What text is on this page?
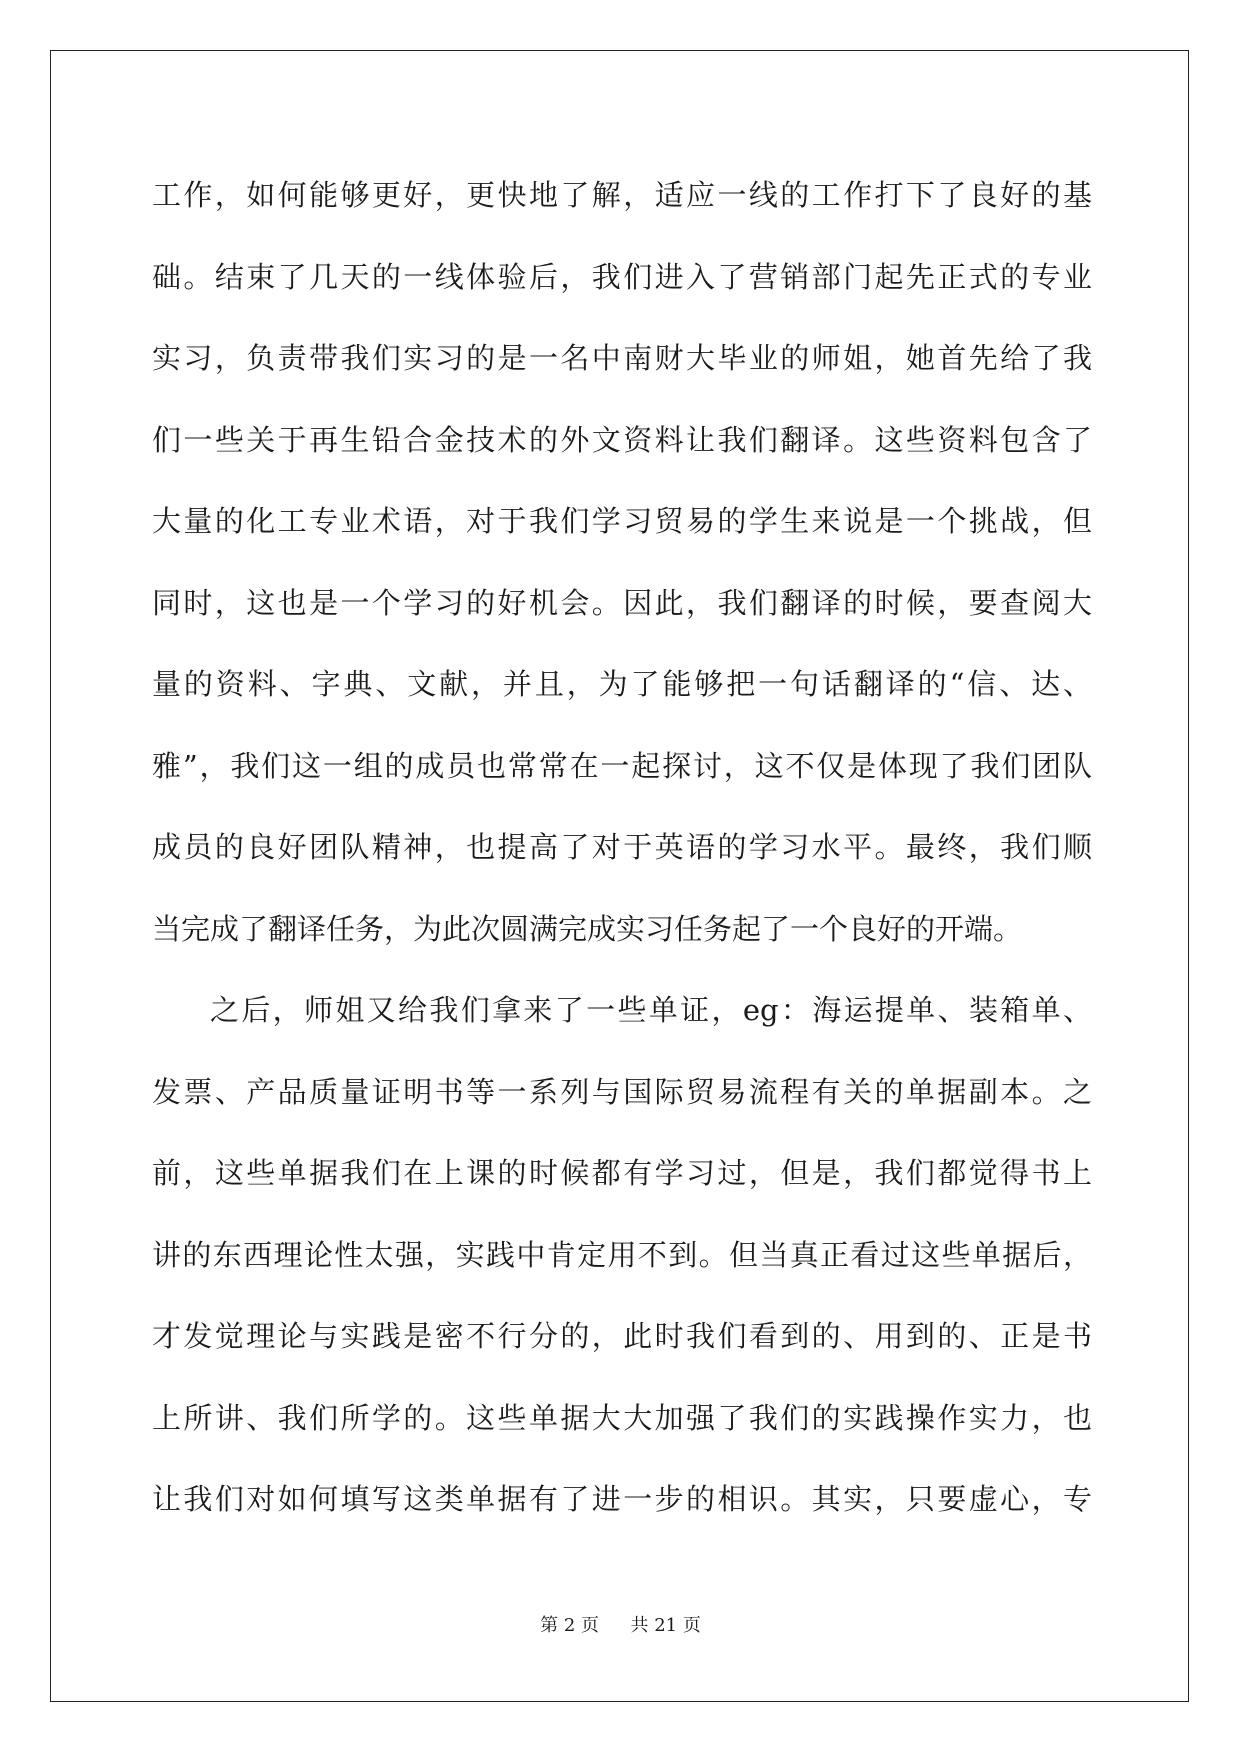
工作，如何能够更好，更快地了解，适应一线的工作打下了良好的基
础。结束了几天的一线体验后，我们进入了营销部门起先正式的专业
实习，负责带我们实习的是一名中南财大毕业的师姐，她首先给了我
们一些关于再生铅合金技术的外文资料让我们翻译。这些资料包含了
大量的化工专业术语，对于我们学习贸易的学生来说是一个挑战，但
同时，这也是一个学习的好机会。因此，我们翻译的时候，要查阅大
量的资料、字典、文献，并且，为了能够把一句话翻译的“信、达、
雅”，我们这一组的成员也常常在一起探讨，这不仅是体现了我们团队
成员的良好团队精神，也提高了对于英语的学习水平。最终，我们顺
当完成了翻译任务，为此次圆满完成实习任务起了一个良好的开端。
之后，师姐又给我们拿来了一些单证，eg：海运提单、装箱单、
发票、产品质量证明书等一系列与国际贸易流程有关的单据副本。之
前，这些单据我们在上课的时候都有学习过，但是，我们都觉得书上
讲的东西理论性太强，实践中肯定用不到。但当真正看过这些单据后，
才发觉理论与实践是密不行分的，此时我们看到的、用到的、正是书
上所讲、我们所学的。这些单据大大加强了我们的实践操作实力，也
让我们对如何填写这类单据有了进一步的相识。其实，只要虚心，专
第 2 页 共 21 页
